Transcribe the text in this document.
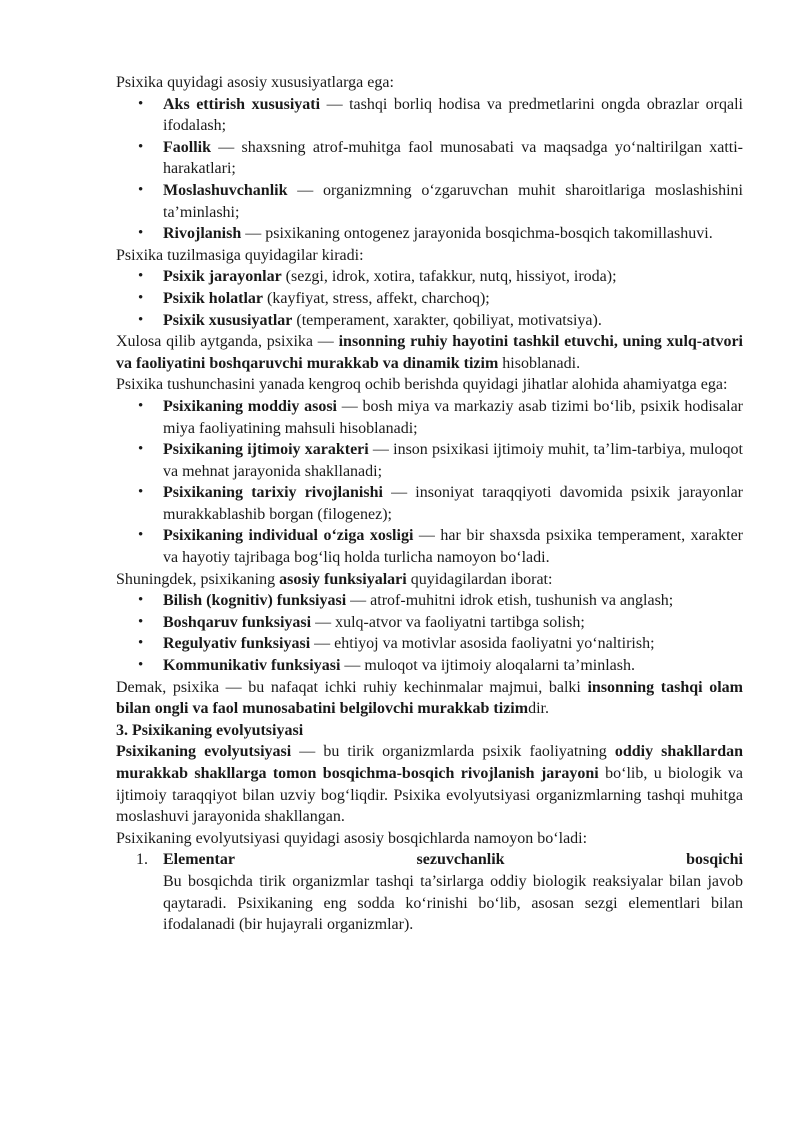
Psixika quyidagi asosiy xususiyatlarga ega:

• Aks ettirish xususiyati — tashqi borliq hodisa va predmetlarini ongda obrazlar orqali ifodalash;
• Faollik — shaxsning atrof-muhitga faol munosabati va maqsadga yo‘naltirilgan xatti-harakatlari;
• Moslashuvchanlik — organizmning o‘zgaruvchan muhit sharoitlariga moslashishini ta’minlashi;
• Rivojlanish — psixikaning ontogenez jarayonida bosqichma-bosqich takomillashuvi.

Psixika tuzilmasiga quyidagilar kiradi:

• Psixik jarayonlar (sezgi, idrok, xotira, tafakkur, nutq, hissiyot, iroda);
• Psixik holatlar (kayfiyat, stress, affekt, charchoq);
• Psixik xususiyatlar (temperament, xarakter, qobiliyat, motivatsiya).

Xulosa qilib aytganda, psixika — insonning ruhiy hayotini tashkil etuvchi, uning xulq-atvori va faoliyatini boshqaruvchi murakkab va dinamik tizim hisoblanadi.

Psixika tushunchasini yanada kengroq ochib berishda quyidagi jihatlar alohida ahamiyatga ega:

• Psixikaning moddiy asosi — bosh miya va markaziy asab tizimi bo‘lib, psixik hodisalar miya faoliyatining mahsuli hisoblanadi;
• Psixikaning ijtimoiy xarakteri — inson psixikasi ijtimoiy muhit, ta’lim-tarbiya, muloqot va mehnat jarayonida shakllanadi;
• Psixikaning tarixiy rivojlanishi — insoniyat taraqqiyoti davomida psixik jarayonlar murakkablashib borgan (filogenez);
• Psixikaning individual o‘ziga xosligi — har bir shaxsda psixika temperament, xarakter va hayotiy tajribaga bog‘liq holda turlicha namoyon bo‘ladi.

Shuningdek, psixikaning asosiy funksiyalari quyidagilardan iborat:

• Bilish (kognitiv) funksiyasi — atrof-muhitni idrok etish, tushunish va anglash;
• Boshqaruv funksiyasi — xulq-atvor va faoliyatni tartibga solish;
• Regulyativ funksiyasi — ehtiyoj va motivlar asosida faoliyatni yo‘naltirish;
• Kommunikativ funksiyasi — muloqot va ijtimoiy aloqalarni ta’minlash.

Demak, psixika — bu nafaqat ichki ruhiy kechinmalar majmui, balki insonning tashqi olam bilan ongli va faol munosabatini belgilovchi murakkab tizimdir.

3. Psixikaning evolyutsiyasi

Psixikaning evolyutsiyasi — bu tirik organizmlarda psixik faoliyatning oddiy shakllardan murakkab shakllarga tomon bosqichma-bosqich rivojlanish jarayoni bo‘lib, u biologik va ijtimoiy taraqqiyot bilan uzviy bog‘liqdir. Psixika evolyutsiyasi organizmlarning tashqi muhitga moslashuvi jarayonida shakllangan.

Psixikaning evolyutsiyasi quyidagi asosiy bosqichlarda namoyon bo‘ladi:

1. Elementar	sezuvchanlik	bosqichi
Bu bosqichda tirik organizmlar tashqi ta’sirlarga oddiy biologik reaksiyalar bilan javob qaytaradi. Psixikaning eng sodda ko‘rinishi bo‘lib, asosan sezgi elementlari bilan ifodalanadi (bir hujayrali organizmlar).
